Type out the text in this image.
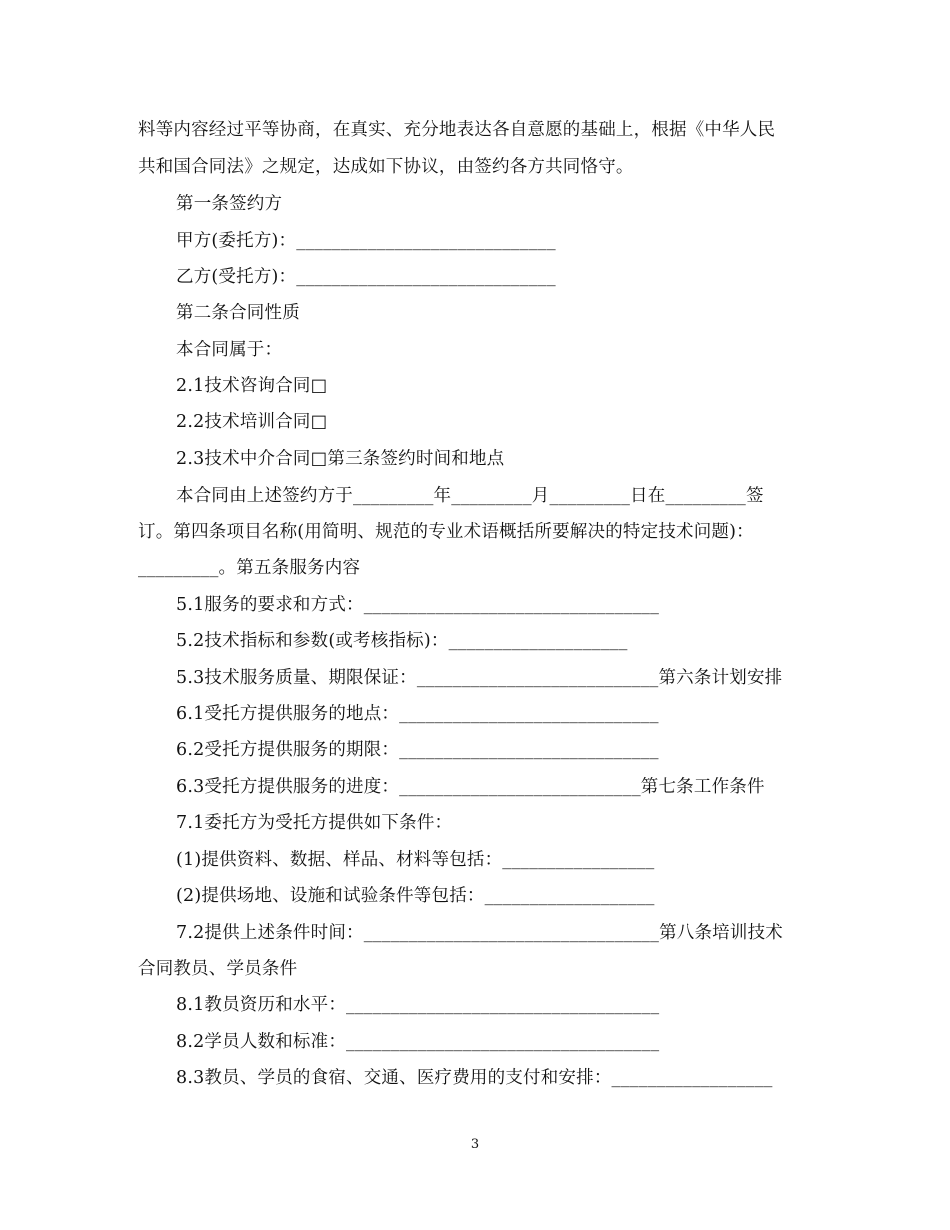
料等内容经过平等协商，在真实、充分地表达各自意愿的基础上，根据《中华人民
共和国合同法》之规定，达成如下协议，由签约各方共同恪守。
第一条签约方
甲方(委托方)：_____________________________
乙方(受托方)：_____________________________
第二条合同性质
本合同属于：
2.1技术咨询合同□
2.2技术培训合同□
2.3技术中介合同□第三条签约时间和地点
本合同由上述签约方于_________年_________月_________日在_________签
订。第四条项目名称(用简明、规范的专业术语概括所要解决的特定技术问题)：
_________。第五条服务内容
5.1服务的要求和方式：_________________________________
5.2技术指标和参数(或考核指标)：____________________
5.3技术服务质量、期限保证：___________________________第六条计划安排
6.1受托方提供服务的地点：_____________________________
6.2受托方提供服务的期限：_____________________________
6.3受托方提供服务的进度：___________________________第七条工作条件
7.1委托方为受托方提供如下条件：
(1)提供资料、数据、样品、材料等包括：_________________
(2)提供场地、设施和试验条件等包括：___________________
7.2提供上述条件时间：_________________________________第八条培训技术
合同教员、学员条件
8.1教员资历和水平：___________________________________
8.2学员人数和标准：___________________________________
8.3教员、学员的食宿、交通、医疗费用的支付和安排：__________________
3
